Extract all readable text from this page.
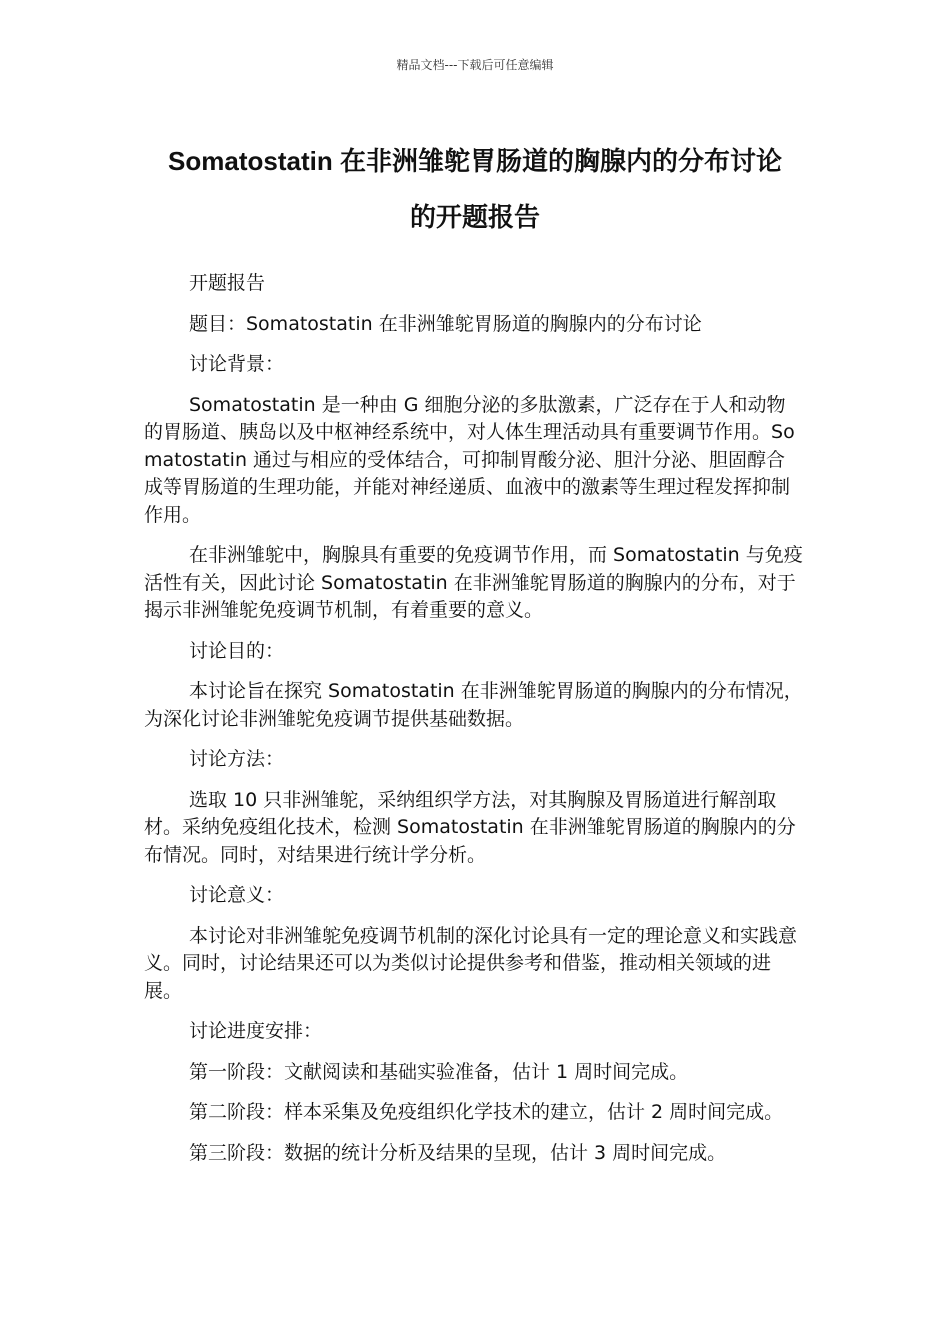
精品文档---下载后可任意编辑
Somatostatin 在非洲雏鸵胃肠道的胸腺内的分布讨论
的开题报告

开题报告

题目：Somatostatin 在非洲雏鸵胃肠道的胸腺内的分布讨论

讨论背景：

Somatostatin 是一种由 G 细胞分泌的多肽激素，广泛存在于人和动物的胃肠道、胰岛以及中枢神经系统中，对人体生理活动具有重要调节作用。Somatostatin 通过与相应的受体结合，可抑制胃酸分泌、胆汁分泌、胆固醇合成等胃肠道的生理功能，并能对神经递质、血液中的激素等生理过程发挥抑制作用。

在非洲雏鸵中，胸腺具有重要的免疫调节作用，而 Somatostatin 与免疫活性有关，因此讨论 Somatostatin 在非洲雏鸵胃肠道的胸腺内的分布，对于揭示非洲雏鸵免疫调节机制，有着重要的意义。

讨论目的：

本讨论旨在探究 Somatostatin 在非洲雏鸵胃肠道的胸腺内的分布情况，为深化讨论非洲雏鸵免疫调节提供基础数据。

讨论方法：

选取 10 只非洲雏鸵，采纳组织学方法，对其胸腺及胃肠道进行解剖取材。采纳免疫组化技术，检测 Somatostatin 在非洲雏鸵胃肠道的胸腺内的分布情况。同时，对结果进行统计学分析。

讨论意义：

本讨论对非洲雏鸵免疫调节机制的深化讨论具有一定的理论意义和实践意义。同时，讨论结果还可以为类似讨论提供参考和借鉴，推动相关领域的进展。

讨论进度安排：

第一阶段：文献阅读和基础实验准备，估计 1 周时间完成。

第二阶段：样本采集及免疫组织化学技术的建立，估计 2 周时间完成。

第三阶段：数据的统计分析及结果的呈现，估计 3 周时间完成。
